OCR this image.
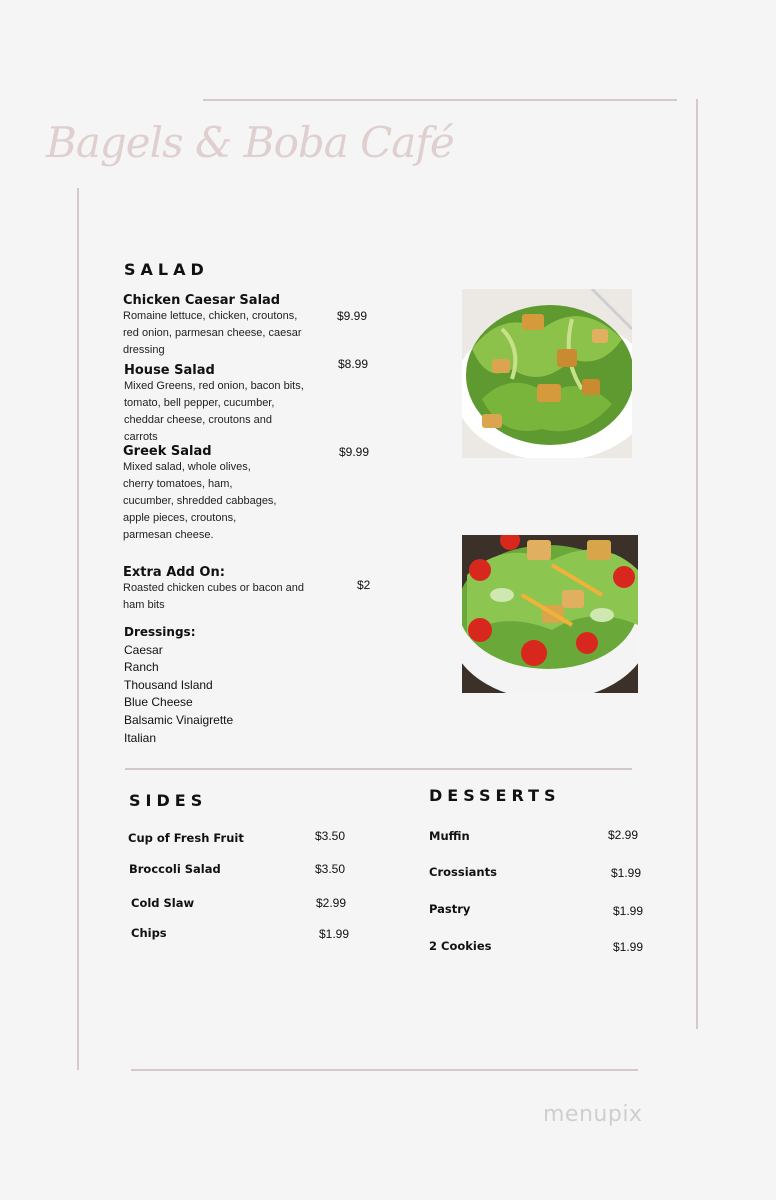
Bagels & Boba Café
SALAD
Chicken Caesar Salad
Romaine lettuce, chicken, croutons,
red onion, parmesan cheese, caesar
dressing
$9.99
House Salad
Mixed Greens, red onion, bacon bits,
tomato, bell pepper, cucumber,
cheddar cheese, croutons and
carrots
$8.99
Greek Salad
Mixed salad, whole olives,
cherry tomatoes, ham,
cucumber, shredded cabbages,
apple pieces, croutons,
parmesan cheese.
$9.99
Extra Add On:
Roasted chicken cubes or bacon and
ham bits
$2
Dressings:
Caesar
Ranch
Thousand Island
Blue Cheese
Balsamic Vinaigrette
Italian
SIDES
Cup of Fresh Fruit	$3.50
Broccoli Salad	$3.50
Cold Slaw	$2.99
Chips	$1.99
DESSERTS
Muffin	$2.99
Crossiants	$1.99
Pastry	$1.99
2 Cookies	$1.99
menupix
